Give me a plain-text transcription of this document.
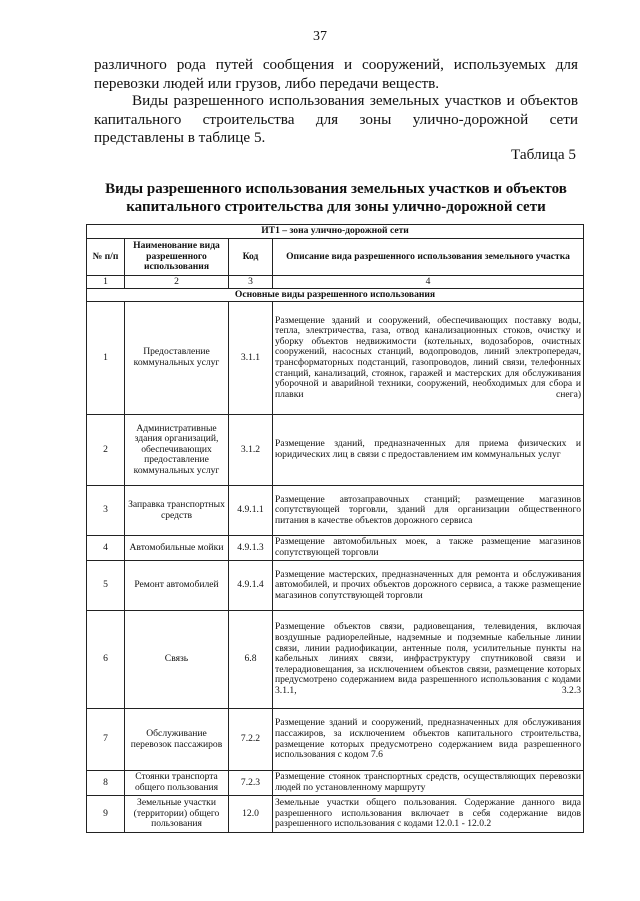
37
различного рода путей сообщения и сооружений, используемых для перевозки людей или грузов, либо передачи веществ.
Виды разрешенного использования земельных участков и объектов капитального строительства для зоны улично-дорожной сети представлены в таблице 5.
Таблица 5
Виды разрешенного использования земельных участков и объектов
капитального строительства для зоны улично-дорожной сети
ИТ1 – зона улично-дорожной сети			
№ п/п	Наименование вида разрешенного использования	Код	Описание вида разрешенного использования земельного участка
1	2	3	4
Основные виды разрешенного использования			
1	Предоставление коммунальных услуг	3.1.1	Размещение зданий и сооружений, обеспечивающих поставку воды, тепла, электричества, газа, отвод канализационных стоков, очистку и уборку объектов недвижимости (котельных, водозаборов, очистных сооружений, насосных станций, водопроводов, линий электропередач, трансформаторных подстанций, газопроводов, линий связи, телефонных станций, канализаций, стоянок, гаражей и мастерских для обслуживания уборочной и аварийной техники, сооружений, необходимых для сбора и плавки снега)
2	Административные здания организаций, обеспечивающих предоставление коммунальных услуг	3.1.2	Размещение зданий, предназначенных для приема физических и юридических лиц в связи с предоставлением им коммунальных услуг
3	Заправка транспортных средств	4.9.1.1	Размещение автозаправочных станций; размещение магазинов сопутствующей торговли, зданий для организации общественного питания в качестве объектов дорожного сервиса
4	Автомобильные мойки	4.9.1.3	Размещение автомобильных моек, а также размещение магазинов сопутствующей торговли
5	Ремонт автомобилей	4.9.1.4	Размещение мастерских, предназначенных для ремонта и обслуживания автомобилей, и прочих объектов дорожного сервиса, а также размещение магазинов сопутствующей торговли
6	Связь	6.8	Размещение объектов связи, радиовещания, телевидения, включая воздушные радиорелейные, надземные и подземные кабельные линии связи, линии радиофикации, антенные поля, усилительные пункты на кабельных линиях связи, инфраструктуру спутниковой связи и телерадиовещания, за исключением объектов связи, размещение которых предусмотрено содержанием вида разрешенного использования с кодами 3.1.1, 3.2.3
7	Обслуживание перевозок пассажиров	7.2.2	Размещение зданий и сооружений, предназначенных для обслуживания пассажиров, за исключением объектов капитального строительства, размещение которых предусмотрено содержанием вида разрешенного использования с кодом 7.6
8	Стоянки транспорта общего пользования	7.2.3	Размещение стоянок транспортных средств, осуществляющих перевозки людей по установленному маршруту
9	Земельные участки (территории) общего пользования	12.0	Земельные участки общего пользования. Содержание данного вида разрешенного использования включает в себя содержание видов разрешенного использования с кодами 12.0.1 - 12.0.2
